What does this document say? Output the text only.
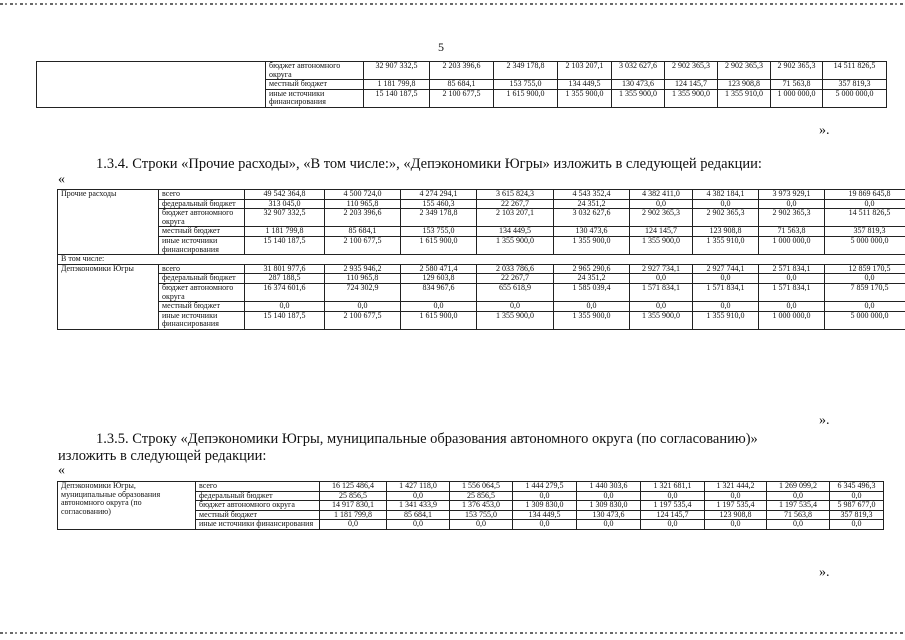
5
	бюджет автономного округа	32 907 332,5	2 203 396,6	2 349 178,8	2 103 207,1	3 032 627,6	2 902 365,3	2 902 365,3	2 902 365,3	14 511 826,5
	местный бюджет	1 181 799,8	85 684,1	153 755,0	134 449,5	130 473,6	124 145,7	123 908,8	71 563,8	357 819,3
	иные источники финансирования	15 140 187,5	2 100 677,5	1 615 900,0	1 355 900,0	1 355 900,0	1 355 900,0	1 355 910,0	1 000 000,0	5 000 000,0
».
1.3.4. Строки «Прочие расходы», «В том числе:», «Депэкономики Югры» изложить в следующей редакции:
«
Прочие расходы	всего	49 542 364,8	4 500 724,0	4 274 294,1	3 615 824,3	4 543 352,4	4 382 411,0	4 382 184,1	3 973 929,1	19 869 645,8
	федеральный бюджет	313 045,0	110 965,8	155 460,3	22 267,7	24 351,2	0,0	0,0	0,0	0,0
	бюджет автономного округа	32 907 332,5	2 203 396,6	2 349 178,8	2 103 207,1	3 032 627,6	2 902 365,3	2 902 365,3	2 902 365,3	14 511 826,5
	местный бюджет	1 181 799,8	85 684,1	153 755,0	134 449,5	130 473,6	124 145,7	123 908,8	71 563,8	357 819,3
	иные источники финансирования	15 140 187,5	2 100 677,5	1 615 900,0	1 355 900,0	1 355 900,0	1 355 900,0	1 355 910,0	1 000 000,0	5 000 000,0
В том числе:										
Депэкономики Югры	всего	31 801 977,6	2 935 946,2	2 580 471,4	2 033 786,6	2 965 290,6	2 927 734,1	2 927 744,1	2 571 834,1	12 859 170,5
	федеральный бюджет	287 188,5	110 965,8	129 603,8	22 267,7	24 351,2	0,0	0,0	0,0	0,0
	бюджет автономного округа	16 374 601,6	724 302,9	834 967,6	655 618,9	1 585 039,4	1 571 834,1	1 571 834,1	1 571 834,1	7 859 170,5
	местный бюджет	0,0	0,0	0,0	0,0	0,0	0,0	0,0	0,0	0,0
	иные источники финансирования	15 140 187,5	2 100 677,5	1 615 900,0	1 355 900,0	1 355 900,0	1 355 900,0	1 355 910,0	1 000 000,0	5 000 000,0
».
1.3.5. Строку «Депэкономики Югры, муниципальные образования автономного округа (по согласованию)»
изложить в следующей редакции:
«
Депэкономики Югры, муниципальные образования автономного округа (по согласованию)	всего	16 125 486,4	1 427 118,0	1 556 064,5	1 444 279,5	1 440 303,6	1 321 681,1	1 321 444,2	1 269 099,2	6 345 496,3
	федеральный бюджет	25 856,5	0,0	25 856,5	0,0	0,0	0,0	0,0	0,0	0,0
	бюджет автономного округа	14 917 830,1	1 341 433,9	1 376 453,0	1 309 830,0	1 309 830,0	1 197 535,4	1 197 535,4	1 197 535,4	5 987 677,0
	местный бюджет	1 181 799,8	85 684,1	153 755,0	134 449,5	130 473,6	124 145,7	123 908,8	71 563,8	357 819,3
	иные источники финансирования	0,0	0,0	0,0	0,0	0,0	0,0	0,0	0,0	0,0
».
